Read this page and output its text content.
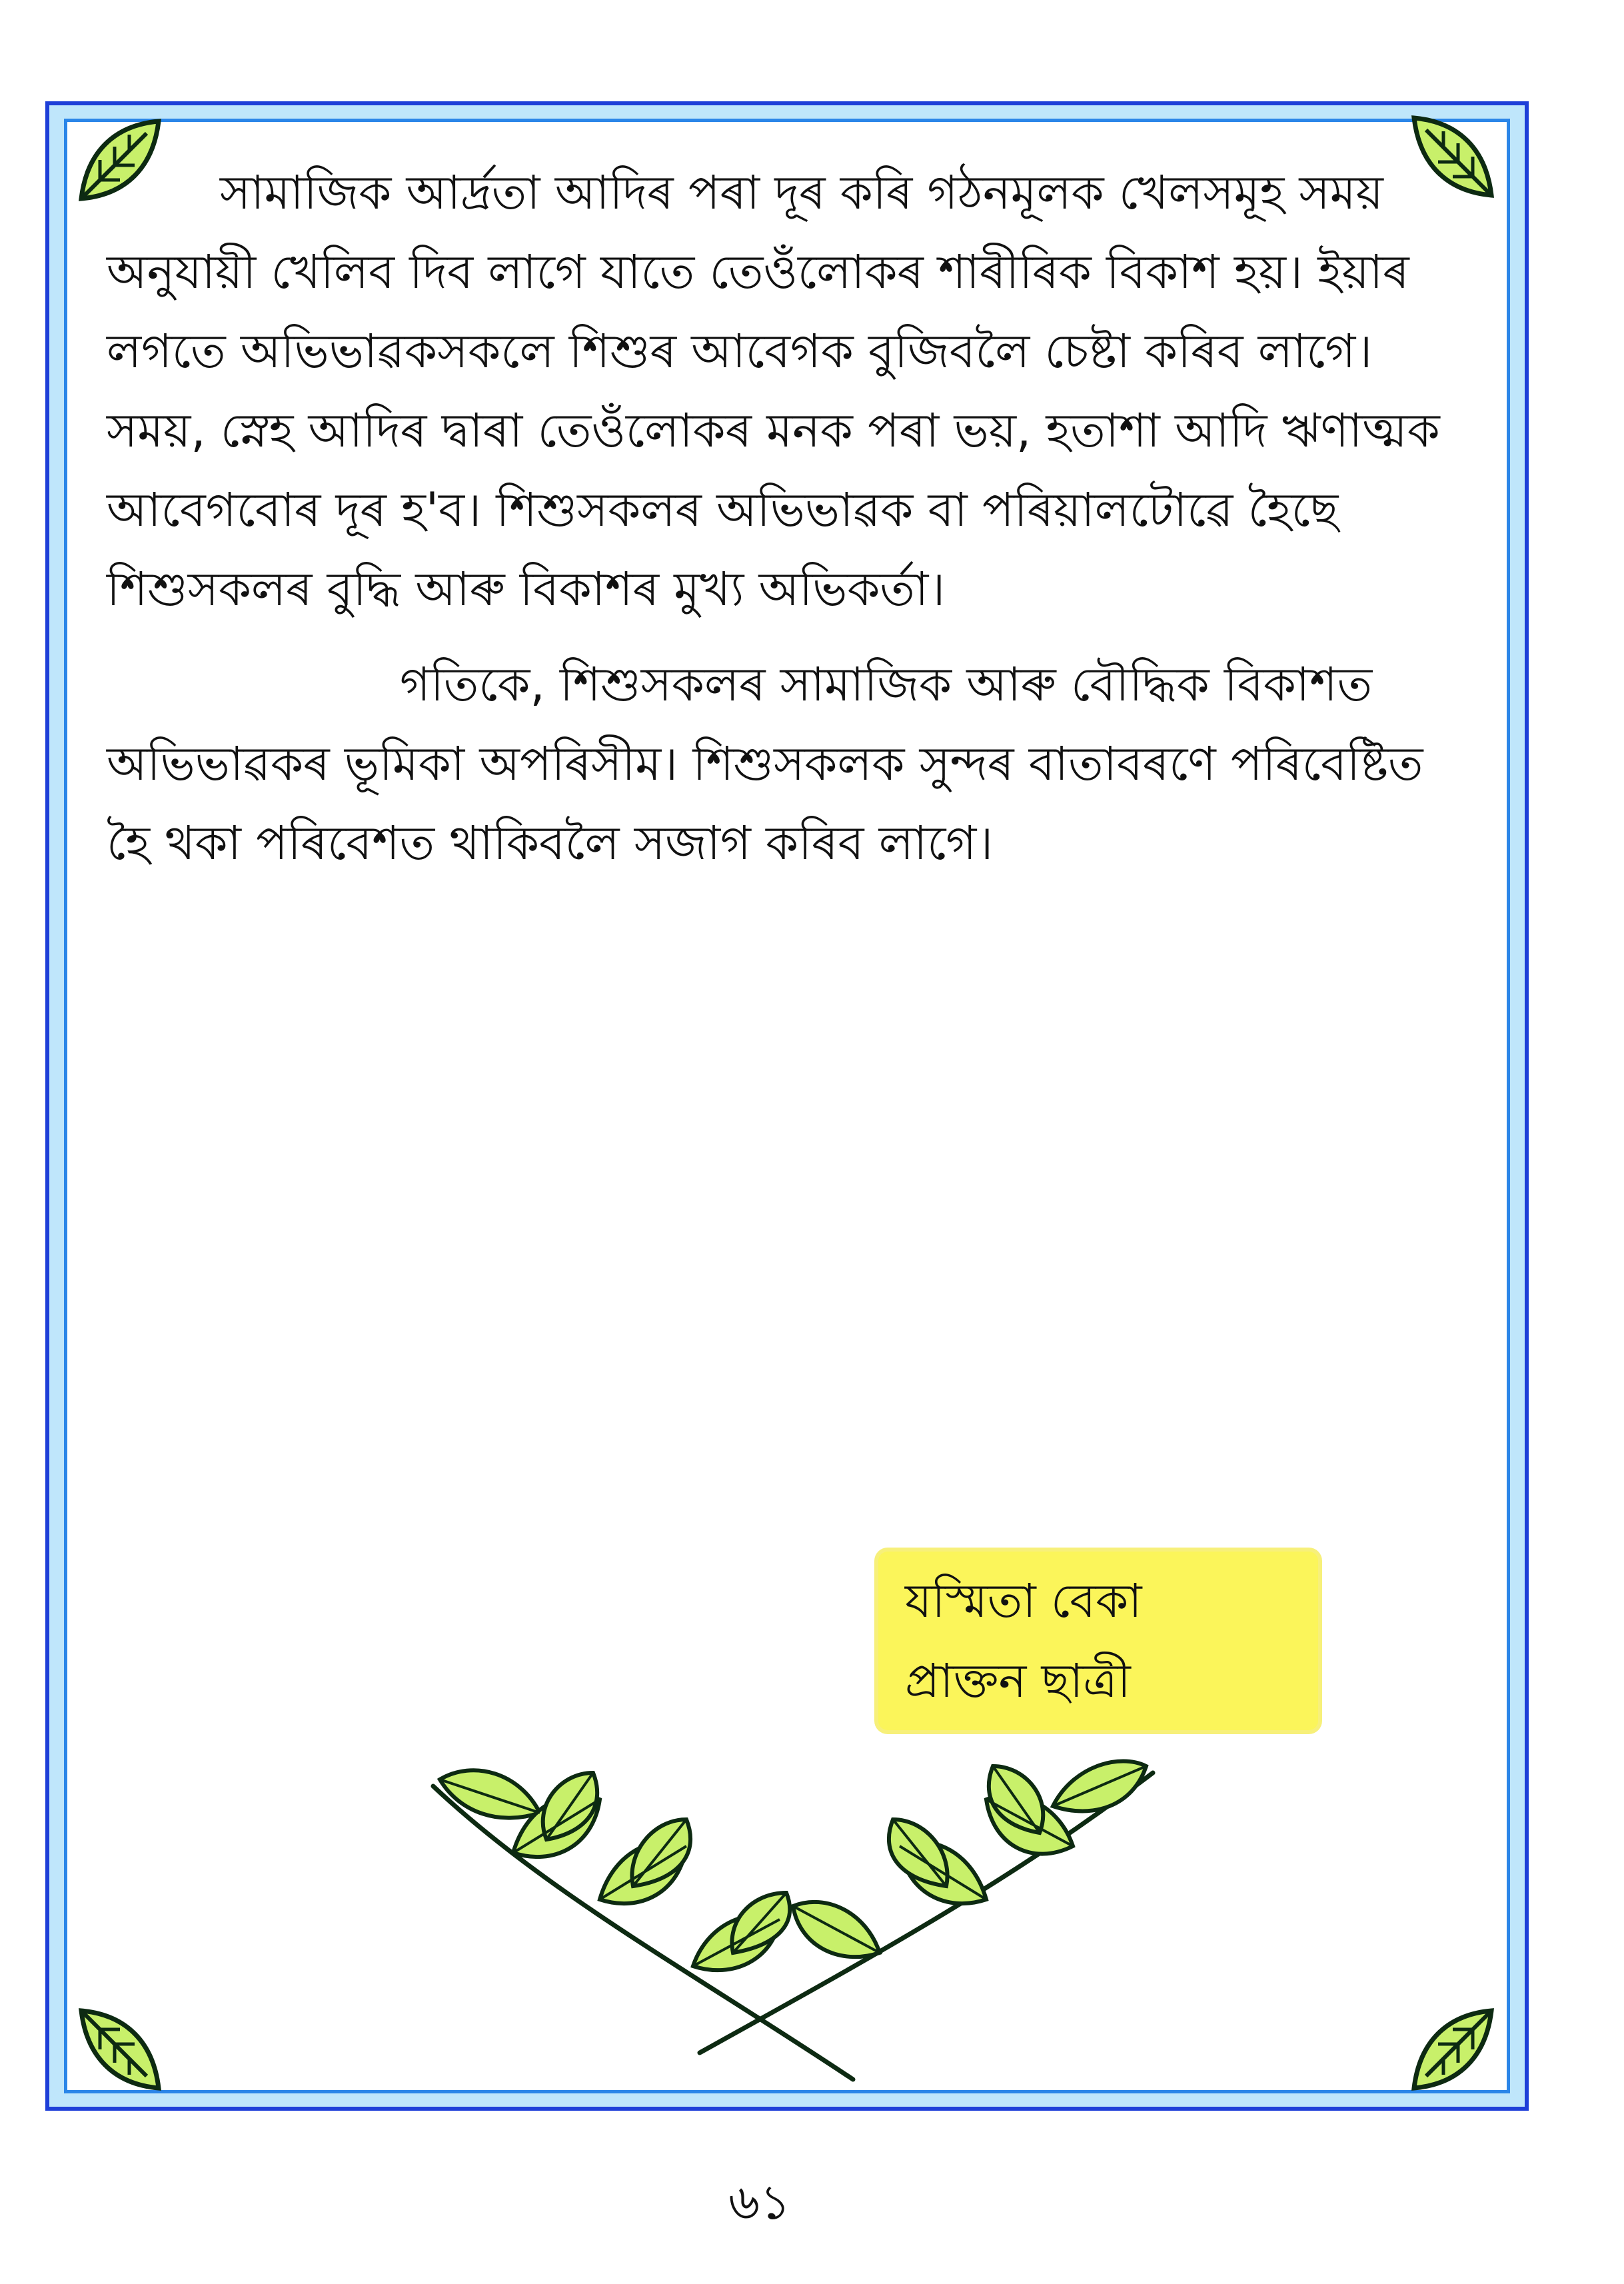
সামাজিক আৰ্দ্ৰতা আদিৰ পৰা দূৰ কৰি গঠনমূলক খেলসমূহ সময় অনুযায়ী খেলিব দিব লাগে যাতে তেওঁলোকৰ শাৰীৰিক বিকাশ হয়। ইয়াৰ লগতে অভিভাৱকসকলে শিশুৰ আবেগক বুজিবলৈ চেষ্টা কৰিব লাগে। সময়, স্নেহ আদিৰ দ্বাৰা তেওঁলোকৰ মনক পৰা ভয়, হতাশা আদি ঋণাত্মক আবেগবোৰ দূৰ হ'ব। শিশুসকলৰ অভিভাৱক বা পৰিয়ালটোৱে হৈছে শিশুসকলৰ বুদ্ধি আৰু বিকাশৰ মুখ্য অভিকৰ্তা।

গতিকে, শিশুসকলৰ সামাজিক আৰু বৌদ্ধিক বিকাশত অভিভাৱকৰ ভূমিকা অপৰিসীম। শিশুসকলক সুন্দৰ বাতাবৰণে পৰিবেষ্টিত হৈ থকা পৰিবেশত থাকিবলৈ সজাগ কৰিব লাগে।

যস্মিতা বেকা
প্ৰাক্তন ছাত্ৰী
৬১
